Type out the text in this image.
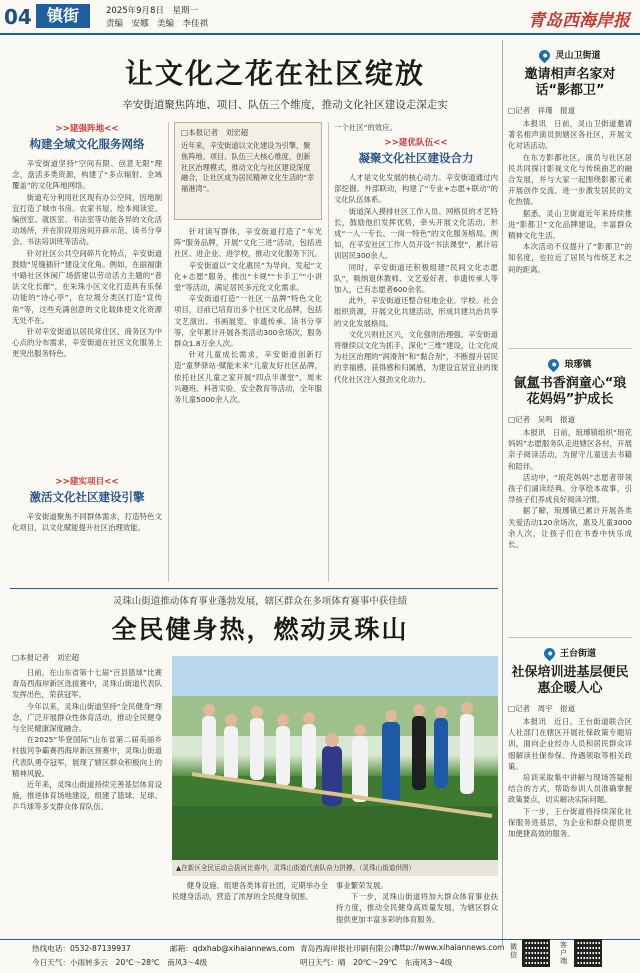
04 镇街	2025年9月8日　星期一
责编　安娜　美编　李佳祺	青岛西海岸报
让文化之花在社区绽放
辛安街道聚焦阵地、项目、队伍三个维度，推动文化社区建设走深走实
>>建强阵地<<
构建全域文化服务网络

辛安街道坚持“空间有限、创意无限”理念，盘活多类资源，构建了“多点辐射、全域覆盖”的文化阵地网络。

街道充分利用社区现有办公空间，因地制宜打造了城市书房、农家书屋、绘本阅读室、编创室、就医室、书法室等功能各异的文化活动场所，并在阶段用房间开辟示范、读书分享会、书法培训班等活动。

针对社区公共空间碎片化特点，辛安街道鼓励“见缝插针”建设文化角。例如，在丽福康中路社区休闲广场搭建以劳动活力主题的“普法文化长廊”，在朱珠小区文化打造具有乐保功能的“诗心亭”，在垃圾分类区打造“宣传角”等，这些充满创意的文化载体使文化资源无处不在。

针对辛安街道以居民常住区、商务区为中心点的分布需求，辛安街道在社区文化服务上更突出服务特色。

>>建实项目<<
激活文化社区建设引擎

辛安街道聚焦不同群体需求，打造特色文化项目，以文化赋能提升社区治理效能。

□本报记者　刘宏超
近年来，辛安街道以文化建设为引擎，聚焦阵地、项目、队伍三大核心维度，创新社区治理模式，推动文化与社区建设深度融合，让社区成为居民精神文化生活的“幸福港湾”。

针对读写群体，辛安街道打造了“车光阵”服务品牌，开展“文化三进”活动，包括进社区、进企业、进学校，推动文化服务下沉。

辛安街道以“文化惠民”为导向，发起“文化+志愿”服务，推出“卡规”“卡手工”“小讲堂”等活动，满足居民多元化文化需求。

辛安街道打造“一社区一品牌”特色文化项目，目前已培育出多个社区文化品牌，包括文艺演出、书画展览、非遗传承、读书分享等，全年累计开展各类活动300余场次，服务群众1.8万余人次。

针对儿童成长需求，辛安街道创新打造“童梦驿站·赋能未来”儿童友好社区品牌，依托社区儿童之家开展“四点半课堂”、周末兴趣班、科普实验、安全教育等活动，全年服务儿童5000余人次。

一个社区”的效应。
>>建优队伍<<
凝聚文化社区建设合力

人才是文化发展的核心动力。辛安街道通过内部挖掘、外部联动，构建了“专业+志愿+联动”的文化队伍体系。

街道深入摸排社区工作人员、网格员的才艺特长，鼓励他们发挥优势，牵头开展文化活动。形成“一人一专长、一岗一特色”的文化服务格局。例如，在辛安社区工作人员开设“书法课堂”，累计培训居民300余人。

同时，辛安街道还积极组建“民间文化志愿队”，吸纳退休教师、文艺爱好者、非遗传承人等加入，已有志愿者600余名。

此外，辛安街道还整合驻地企业、学校、社会组织资源，开展文化共建活动，形成共建共治共享的文化发展格局。

文化兴则社区兴，文化强则治理强。辛安街道将继续以文化为抓手，深化“三维”建设，让文化成为社区治理的“润滑剂”和“黏合剂”，不断提升居民的幸福感、获得感和归属感，为建设宜居宜业的现代化社区注入强劲文化动力。

灵山卫街道
邀请相声名家对话“影都卫”
□记者　祥瑾　报道

本报讯　日前，灵山卫街道邀请著名相声演员到辖区各社区，开展文化对话活动。

在东方影都社区，演员与社区居民共同探讨影视文化与传统曲艺的融合发展，并与大家一起围绕影都元素开展创作交流，进一步激发居民的文化热情。

据悉，灵山卫街道近年来持续推进“影都卫”文化品牌建设，丰富群众精神文化生活。

本次活动不仅提升了“影都卫”的知名度，也拉近了居民与传统艺术之间的距离。

琅琊镇
氤氲书香润童心“琅花妈妈”护成长
□记者　吴鸣　报道

本报讯　日前，琅琊镇组织“琅花妈妈”志愿服务队走进辖区各村，开展亲子阅读活动，为留守儿童送去书籍和陪伴。

活动中，“琅花妈妈”志愿者带领孩子们诵读经典、分享绘本故事，引导孩子们养成良好阅读习惯。

据了解，琅琊镇已累计开展各类关爱活动120余场次，惠及儿童3000余人次，让孩子们在书香中快乐成长。

王台街道
社保培训进基层便民惠企暖人心
□记者　周宇　报道

本报讯　近日，王台街道联合区人社部门在辖区开展社保政策专题培训，面向企业经办人员和居民群众详细解读社保参保、待遇领取等相关政策。

培训采取集中讲解与现场答疑相结合的方式，帮助参训人员准确掌握政策要点，切实解决实际问题。

下一步，王台街道将持续深化社保服务进基层，为企业和群众提供更加便捷高效的服务。

灵珠山街道推动体育事业蓬勃发展，辖区群众在多项体育赛事中获佳绩
全民健身热，燃动灵珠山
□本报记者　刘宏超

日前，在山东省第十七届“百县篮球”比赛青岛西海岸新区选拔赛中，灵珠山街道代表队发挥出色，荣获冠军。

今年以来，灵珠山街道坚持“全民健身”理念，广泛开展群众性体育活动，推动全民健身与全民健康深度融合。

在2025“华登国际”山东省第二届美丽乡村拔河争霸赛西海岸新区预赛中，灵珠山街道代表队勇夺冠军，展现了辖区群众积极向上的精神风貌。

近年来，灵珠山街道持续完善基层体育设施，推进体育场地建设，组建了篮球、足球、乒乓球等多支群众体育队伍。

▲在新区全民运动会拔河比赛中，灵珠山街道代表队奋力拼搏。（灵珠山街道供图）

健身设施、组建各类体育社团，定期举办全民健身活动，营造了浓厚的全民健身氛围。

事业繁荣发展。

下一步，灵珠山街道将加大群众体育事业扶持力度，推动全民健身高质量发展，为辖区群众提供更加丰富多彩的体育服务。

热线电话：0532-87139937	邮箱：qdxhab@xihaiannews.com 青岛西海岸报社印刷有限公司
http://www.xihaiannews.com
今日天气：小雨转多云　20℃～28℃　南风3～4级	明日天气：晴　20℃～29℃　东南风3～4级
微信
客户端
